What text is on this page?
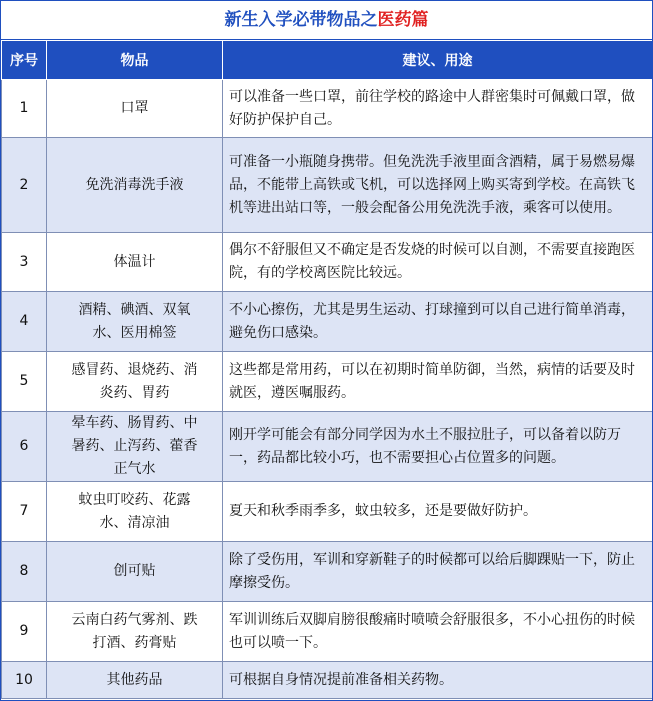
新生入学必带物品之医药篇
序号	物品	建议、用途
1	口罩	可以准备一些口罩，前往学校的路途中人群密集时可佩戴口罩，做好防护保护自己。
2	免洗消毒洗手液	可准备一小瓶随身携带。但免洗洗手液里面含酒精，属于易燃易爆品，不能带上高铁或飞机，可以选择网上购买寄到学校。在高铁飞机等进出站口等，一般会配备公用免洗洗手液，乘客可以使用。
3	体温计	偶尔不舒服但又不确定是否发烧的时候可以自测，不需要直接跑医院，有的学校离医院比较远。
4	酒精、碘酒、双氧水、医用棉签	不小心擦伤，尤其是男生运动、打球撞到可以自己进行简单消毒，避免伤口感染。
5	感冒药、退烧药、消炎药、胃药	这些都是常用药，可以在初期时简单防御，当然，病情的话要及时就医，遵医嘱服药。
6	晕车药、肠胃药、中暑药、止泻药、藿香正气水	刚开学可能会有部分同学因为水土不服拉肚子，可以备着以防万一，药品都比较小巧，也不需要担心占位置多的问题。
7	蚊虫叮咬药、花露水、清凉油	夏天和秋季雨季多，蚊虫较多，还是要做好防护。
8	创可贴	除了受伤用，军训和穿新鞋子的时候都可以给后脚踝贴一下，防止摩擦受伤。
9	云南白药气雾剂、跌打酒、药膏贴	军训训练后双脚肩膀很酸痛时喷喷会舒服很多，不小心扭伤的时候也可以喷一下。
10	其他药品	可根据自身情况提前准备相关药物。
